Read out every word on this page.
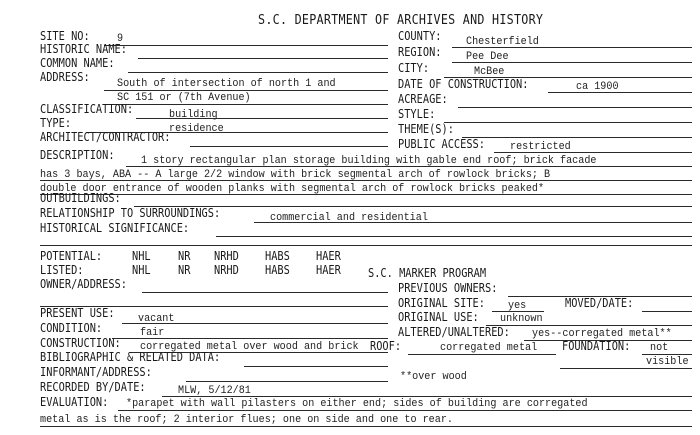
S.C. DEPARTMENT OF ARCHIVES AND HISTORY
SITE NO: 9
HISTORIC NAME:
COMMON NAME:
ADDRESS: South of intersection of north 1 and
SC 151 or (7th Avenue)
CLASSIFICATION:	building
TYPE:	residence
ARCHITECT/CONTRACTOR:
COUNTY: Chesterfield
REGION: Pee Dee
CITY:	McBee
DATE OF CONSTRUCTION:	ca 1900
ACREAGE:
STYLE:
THEME(S):
PUBLIC ACCESS: restricted
DESCRIPTION: 1 story rectangular plan storage building with gable end roof; brick facade
has 3 bays, ABA -- A large 2/2 window with brick segmental arch of rowlock bricks; B
double door entrance of wooden planks with segmental arch of rowlock bricks peaked*
OUTBUILDINGS:
RELATIONSHIP TO SURROUNDINGS:	commercial and residential
HISTORICAL SIGNIFICANCE:
POTENTIAL: NHL NR NRHD HABS HAER
LISTED:	NHL NR NRHD HABS HAER S.C. MARKER PROGRAM
OWNER/ADDRESS:	PREVIOUS OWNERS:
ORIGINAL SITE: yes	MOVED/DATE:
PRESENT USE: vacant	ORIGINAL USE: unknown
CONDITION:	fair	ALTERED/UNALTERED: yes--corregated metal**
CONSTRUCTION: corregated metal over wood and brick ROOF:	corregated metal FOUNDATION: not
visible
BIBLIOGRAPHIC & RELATED DATA:
INFORMANT/ADDRESS:	**over wood
RECORDED BY/DATE:	MLW, 5/12/81
EVALUATION: *parapet with wall pilasters on either end; sides of building are corregated
metal as is the roof; 2 interior flues; one on side and one to rear.
